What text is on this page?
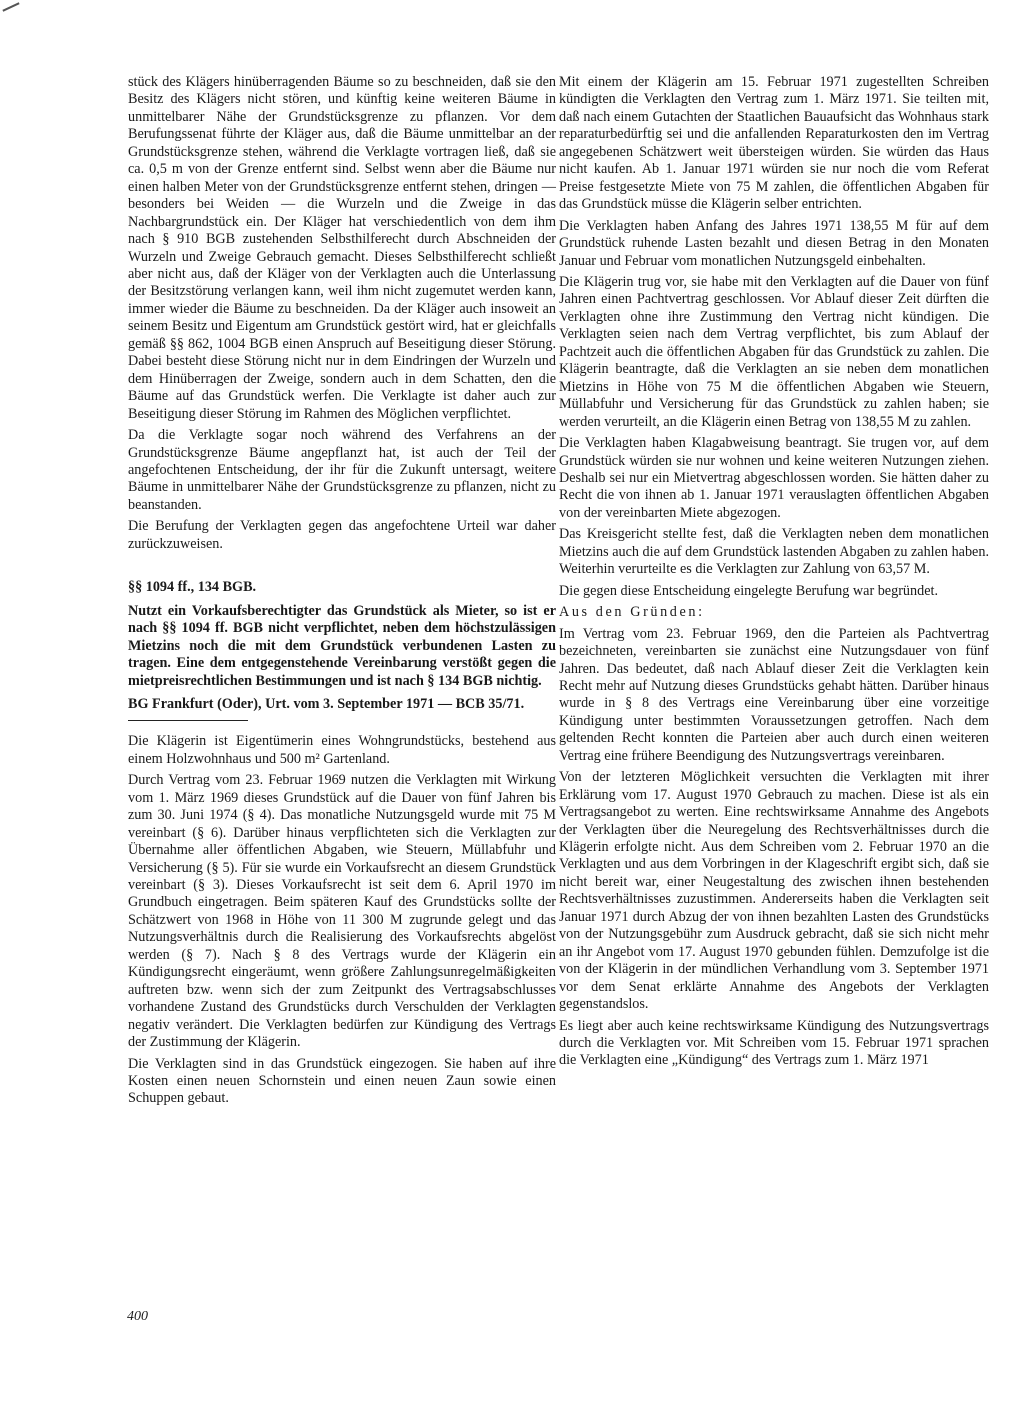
stück des Klägers hinüberragenden Bäume so zu beschneiden, daß sie den Besitz des Klägers nicht stören, und künftig keine weiteren Bäume in unmittelbarer Nähe der Grundstücksgrenze zu pflanzen. Vor dem Berufungssenat führte der Kläger aus, daß die Bäume unmittelbar an der Grundstücksgrenze stehen, während die Verklagte vortragen ließ, daß sie ca. 0,5 m von der Grenze entfernt sind. Selbst wenn aber die Bäume nur einen halben Meter von der Grundstücksgrenze entfernt stehen, dringen — besonders bei Weiden — die Wurzeln und die Zweige in das Nachbargrundstück ein. Der Kläger hat verschiedentlich von dem ihm nach § 910 BGB zustehenden Selbsthilferecht durch Abschneiden der Wurzeln und Zweige Gebrauch gemacht. Dieses Selbsthilferecht schließt aber nicht aus, daß der Kläger von der Verklagten auch die Unterlassung der Besitzstörung verlangen kann, weil ihm nicht zugemutet werden kann, immer wieder die Bäume zu beschneiden. Da der Kläger auch insoweit an seinem Besitz und Eigentum am Grundstück gestört wird, hat er gleichfalls gemäß §§ 862, 1004 BGB einen Anspruch auf Beseitigung dieser Störung. Dabei besteht diese Störung nicht nur in dem Eindringen der Wurzeln und dem Hinüberragen der Zweige, sondern auch in dem Schatten, den die Bäume auf das Grundstück werfen. Die Verklagte ist daher auch zur Beseitigung dieser Störung im Rahmen des Möglichen verpflichtet.

Da die Verklagte sogar noch während des Verfahrens an der Grundstücksgrenze Bäume angepflanzt hat, ist auch der Teil der angefochtenen Entscheidung, der ihr für die Zukunft untersagt, weitere Bäume in unmittelbarer Nähe der Grundstücksgrenze zu pflanzen, nicht zu beanstanden.

Die Berufung der Verklagten gegen das angefochtene Urteil war daher zurückzuweisen.

§§ 1094 ff., 134 BGB.

Nutzt ein Vorkaufsberechtigter das Grundstück als Mieter, so ist er nach §§ 1094 ff. BGB nicht verpflichtet, neben dem höchstzulässigen Mietzins noch die mit dem Grundstück verbundenen Lasten zu tragen. Eine dem entgegenstehende Vereinbarung verstößt gegen die mietpreisrechtlichen Bestimmungen und ist nach § 134 BGB nichtig.

BG Frankfurt (Oder), Urt. vom 3. September 1971 — BCB 35/71.

Die Klägerin ist Eigentümerin eines Wohngrundstücks, bestehend aus einem Holzwohnhaus und 500 m² Gartenland.

Durch Vertrag vom 23. Februar 1969 nutzen die Verklagten mit Wirkung vom 1. März 1969 dieses Grundstück auf die Dauer von fünf Jahren bis zum 30. Juni 1974 (§ 4). Das monatliche Nutzungsgeld wurde mit 75 M vereinbart (§ 6). Darüber hinaus verpflichteten sich die Verklagten zur Übernahme aller öffentlichen Abgaben, wie Steuern, Müllabfuhr und Versicherung (§ 5). Für sie wurde ein Vorkaufsrecht an diesem Grundstück vereinbart (§ 3). Dieses Vorkaufsrecht ist seit dem 6. April 1970 im Grundbuch eingetragen. Beim späteren Kauf des Grundstücks sollte der Schätzwert von 1968 in Höhe von 11 300 M zugrunde gelegt und das Nutzungsverhältnis durch die Realisierung des Vorkaufsrechts abgelöst werden (§ 7). Nach § 8 des Vertrags wurde der Klägerin ein Kündigungsrecht eingeräumt, wenn größere Zahlungsunregelmäßigkeiten auftreten bzw. wenn sich der zum Zeitpunkt des Vertragsabschlusses vorhandene Zustand des Grundstücks durch Verschulden der Verklagten negativ verändert. Die Verklagten bedürfen zur Kündigung des Vertrags der Zustimmung der Klägerin.

Die Verklagten sind in das Grundstück eingezogen. Sie haben auf ihre Kosten einen neuen Schornstein und einen neuen Zaun sowie einen Schuppen gebaut.

Mit einem der Klägerin am 15. Februar 1971 zugestellten Schreiben kündigten die Verklagten den Vertrag zum 1. März 1971. Sie teilten mit, daß nach einem Gutachten der Staatlichen Bauaufsicht das Wohnhaus stark reparaturbedürftig sei und die anfallenden Reparaturkosten den im Vertrag angegebenen Schätzwert weit übersteigen würden. Sie würden das Haus nicht kaufen. Ab 1. Januar 1971 würden sie nur noch die vom Referat Preise festgesetzte Miete von 75 M zahlen, die öffentlichen Abgaben für das Grundstück müsse die Klägerin selber entrichten.

Die Verklagten haben Anfang des Jahres 1971 138,55 M für auf dem Grundstück ruhende Lasten bezahlt und diesen Betrag in den Monaten Januar und Februar vom monatlichen Nutzungsgeld einbehalten.

Die Klägerin trug vor, sie habe mit den Verklagten auf die Dauer von fünf Jahren einen Pachtvertrag geschlossen. Vor Ablauf dieser Zeit dürften die Verklagten ohne ihre Zustimmung den Vertrag nicht kündigen. Die Verklagten seien nach dem Vertrag verpflichtet, bis zum Ablauf der Pachtzeit auch die öffentlichen Abgaben für das Grundstück zu zahlen. Die Klägerin beantragte, daß die Verklagten an sie neben dem monatlichen Mietzins in Höhe von 75 M die öffentlichen Abgaben wie Steuern, Müllabfuhr und Versicherung für das Grundstück zu zahlen haben; sie werden verurteilt, an die Klägerin einen Betrag von 138,55 M zu zahlen.

Die Verklagten haben Klagabweisung beantragt. Sie trugen vor, auf dem Grundstück würden sie nur wohnen und keine weiteren Nutzungen ziehen. Deshalb sei nur ein Mietvertrag abgeschlossen worden. Sie hätten daher zu Recht die von ihnen ab 1. Januar 1971 verauslagten öffentlichen Abgaben von der vereinbarten Miete abgezogen.

Das Kreisgericht stellte fest, daß die Verklagten neben dem monatlichen Mietzins auch die auf dem Grundstück lastenden Abgaben zu zahlen haben. Weiterhin verurteilte es die Verklagten zur Zahlung von 63,57 M.

Die gegen diese Entscheidung eingelegte Berufung war begründet.

Aus den Gründen:

Im Vertrag vom 23. Februar 1969, den die Parteien als Pachtvertrag bezeichneten, vereinbarten sie zunächst eine Nutzungsdauer von fünf Jahren. Das bedeutet, daß nach Ablauf dieser Zeit die Verklagten kein Recht mehr auf Nutzung dieses Grundstücks gehabt hätten. Darüber hinaus wurde in § 8 des Vertrags eine Vereinbarung über eine vorzeitige Kündigung unter bestimmten Voraussetzungen getroffen. Nach dem geltenden Recht konnten die Parteien aber auch durch einen weiteren Vertrag eine frühere Beendigung des Nutzungsvertrags vereinbaren.

Von der letzteren Möglichkeit versuchten die Verklagten mit ihrer Erklärung vom 17. August 1970 Gebrauch zu machen. Diese ist als ein Vertragsangebot zu werten. Eine rechtswirksame Annahme des Angebots der Verklagten über die Neuregelung des Rechtsverhältnisses durch die Klägerin erfolgte nicht. Aus dem Schreiben vom 2. Februar 1970 an die Verklagten und aus dem Vorbringen in der Klageschrift ergibt sich, daß sie nicht bereit war, einer Neugestaltung des zwischen ihnen bestehenden Rechtsverhältnisses zuzustimmen. Andererseits haben die Verklagten seit Januar 1971 durch Abzug der von ihnen bezahlten Lasten des Grundstücks von der Nutzungsgebühr zum Ausdruck gebracht, daß sie sich nicht mehr an ihr Angebot vom 17. August 1970 gebunden fühlen. Demzufolge ist die von der Klägerin in der mündlichen Verhandlung vom 3. September 1971 vor dem Senat erklärte Annahme des Angebots der Verklagten gegenstandslos.

Es liegt aber auch keine rechtswirksame Kündigung des Nutzungsvertrags durch die Verklagten vor. Mit Schreiben vom 15. Februar 1971 sprachen die Verklagten eine „Kündigung“ des Vertrags zum 1. März 1971

400
